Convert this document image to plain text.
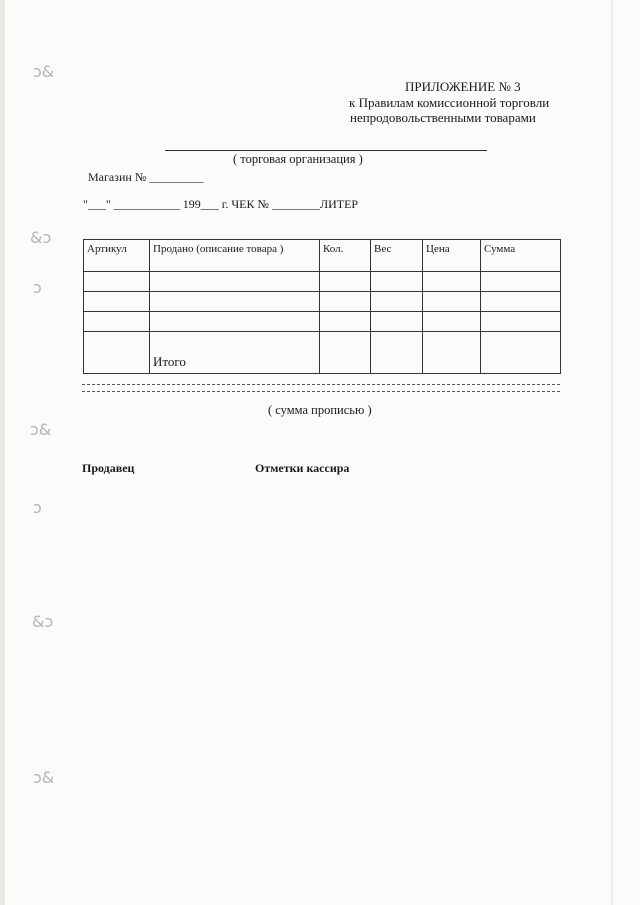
ↄ&
&ↄ
ↄ
ↄ&
ↄ
&ↄ
ↄ&
ПРИЛОЖЕНИЕ № 3
к Правилам комиссионной торговли
непродовольственными товарами
( торговая организация )
Магазин № _________
"___" ___________ 199___ г. ЧЕК № ________ЛИТЕР
Артикул	Продано (описание товара )	Кол.	Вес	Цена	Сумма

	Итого				
( сумма прописью )
Продавец	Отметки кассира
